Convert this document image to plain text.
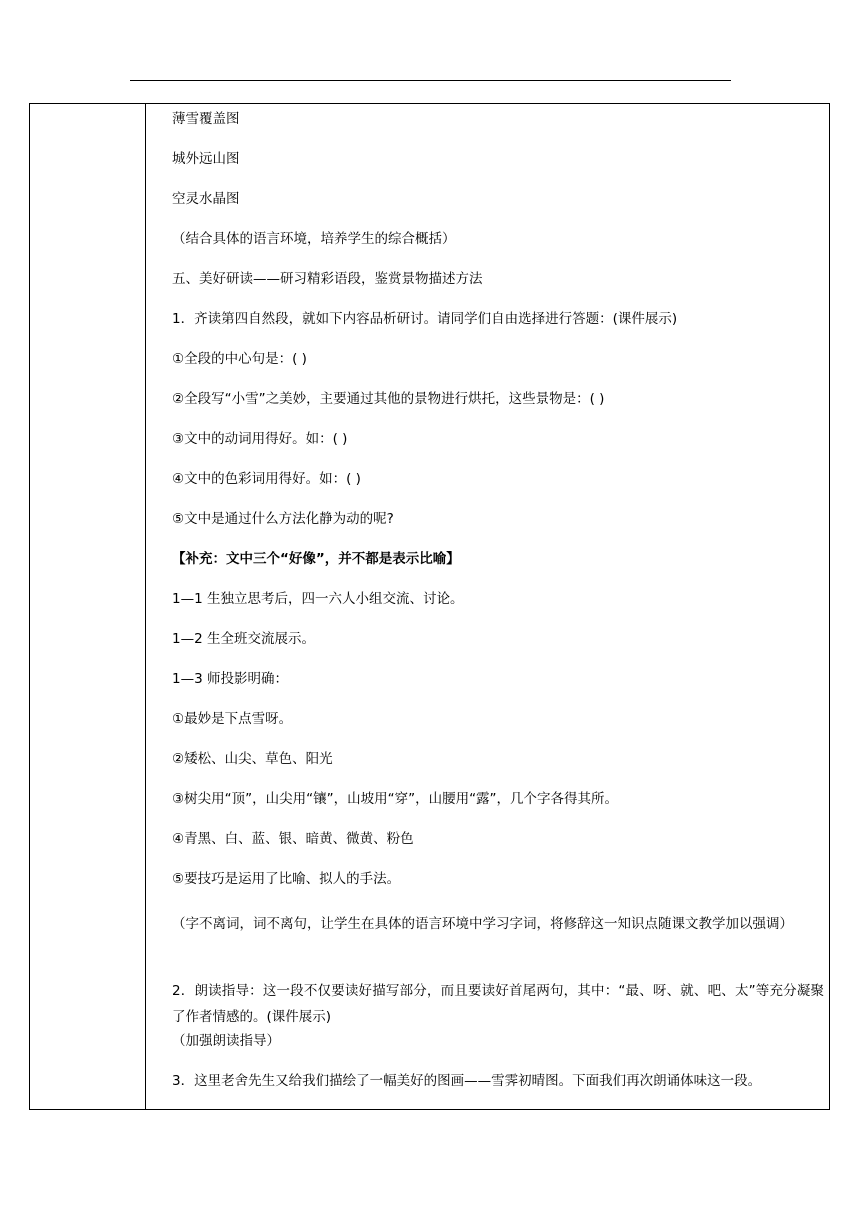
薄雪覆盖图
城外远山图
空灵水晶图
（结合具体的语言环境，培养学生的综合概括）
五、美好研读——研习精彩语段，鉴赏景物描述方法
1．齐读第四自然段，就如下内容品析研讨。请同学们自由选择进行答题：(课件展示)
①全段的中心句是：( )
②全段写“小雪”之美妙，主要通过其他的景物进行烘托，这些景物是：( )
③文中的动词用得好。如：( )
④文中的色彩词用得好。如：( )
⑤文中是通过什么方法化静为动的呢?
【补充：文中三个“好像”，并不都是表示比喻】
1—1 生独立思考后，四一六人小组交流、讨论。
1—2 生全班交流展示。
1—3 师投影明确：
①最妙是下点雪呀。
②矮松、山尖、草色、阳光
③树尖用“顶”，山尖用“镶”，山坡用“穿”，山腰用“露”，几个字各得其所。
④青黑、白、蓝、银、暗黄、微黄、粉色
⑤要技巧是运用了比喻、拟人的手法。
（字不离词，词不离句，让学生在具体的语言环境中学习字词，将修辞这一知识点随课文教学加以强调）
2．朗读指导：这一段不仅要读好描写部分，而且要读好首尾两句，其中：“最、呀、就、吧、太”等充分凝聚了作者情感的。(课件展示)
（加强朗读指导）
3．这里老舍先生又给我们描绘了一幅美好的图画——雪霁初晴图。下面我们再次朗诵体味这一段。
